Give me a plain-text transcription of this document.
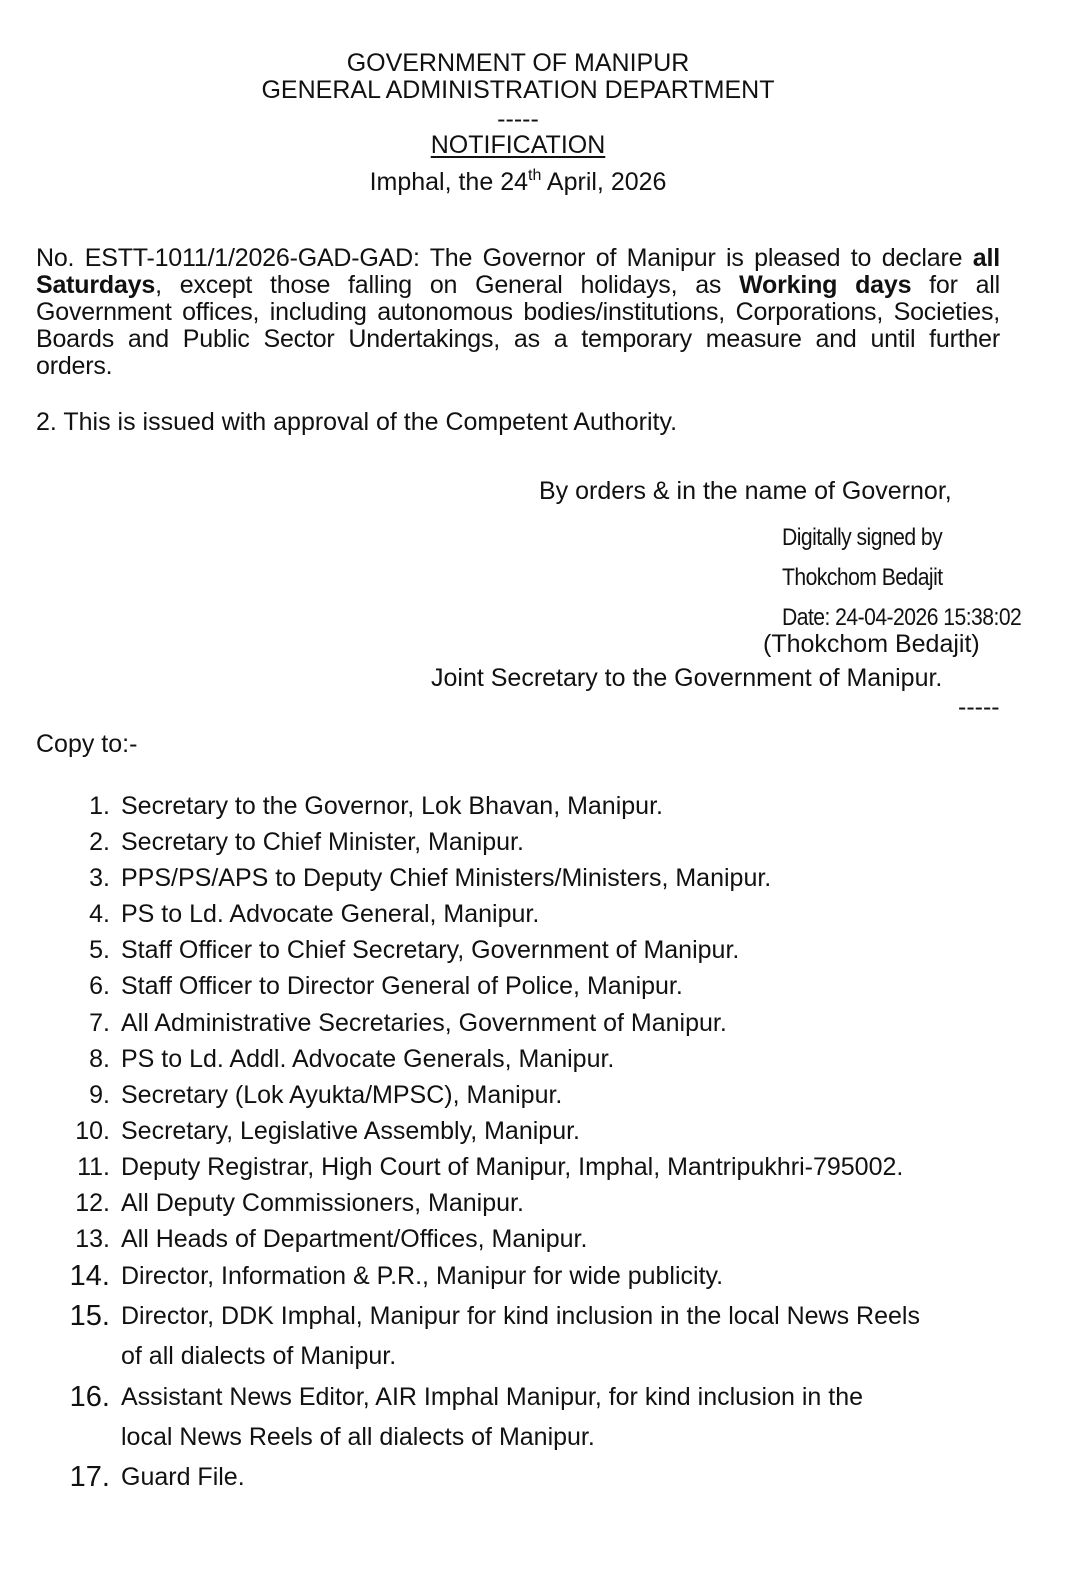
GOVERNMENT OF MANIPUR
GENERAL ADMINISTRATION DEPARTMENT
-----
NOTIFICATION
Imphal, the 24th April, 2026
No. ESTT-1011/1/2026-GAD-GAD: The Governor of Manipur is pleased to declare all Saturdays, except those falling on General holidays, as Working days for all Government offices, including autonomous bodies/institutions, Corporations, Societies, Boards and Public Sector Undertakings, as a temporary measure and until further orders.
2. This is issued with approval of the Competent Authority.
By orders & in the name of Governor,
Digitally signed by
Thokchom Bedajit
Date: 24-04-2026 15:38:02
(Thokchom Bedajit)
Joint Secretary to the Government of Manipur.
-----
Copy to:-
1. Secretary to the Governor, Lok Bhavan, Manipur.
2. Secretary to Chief Minister, Manipur.
3. PPS/PS/APS to Deputy Chief Ministers/Ministers, Manipur.
4. PS to Ld. Advocate General, Manipur.
5. Staff Officer to Chief Secretary, Government of Manipur.
6. Staff Officer to Director General of Police, Manipur.
7. All Administrative Secretaries, Government of Manipur.
8. PS to Ld. Addl. Advocate Generals, Manipur.
9. Secretary (Lok Ayukta/MPSC), Manipur.
10. Secretary, Legislative Assembly, Manipur.
11. Deputy Registrar, High Court of Manipur, Imphal, Mantripukhri-795002.
12. All Deputy Commissioners, Manipur.
13. All Heads of Department/Offices, Manipur.
14. Director, Information & P.R., Manipur for wide publicity.
15. Director, DDK Imphal, Manipur for kind inclusion in the local News Reels
of all dialects of Manipur.
16. Assistant News Editor, AIR Imphal Manipur, for kind inclusion in the
local News Reels of all dialects of Manipur.
17. Guard File.
